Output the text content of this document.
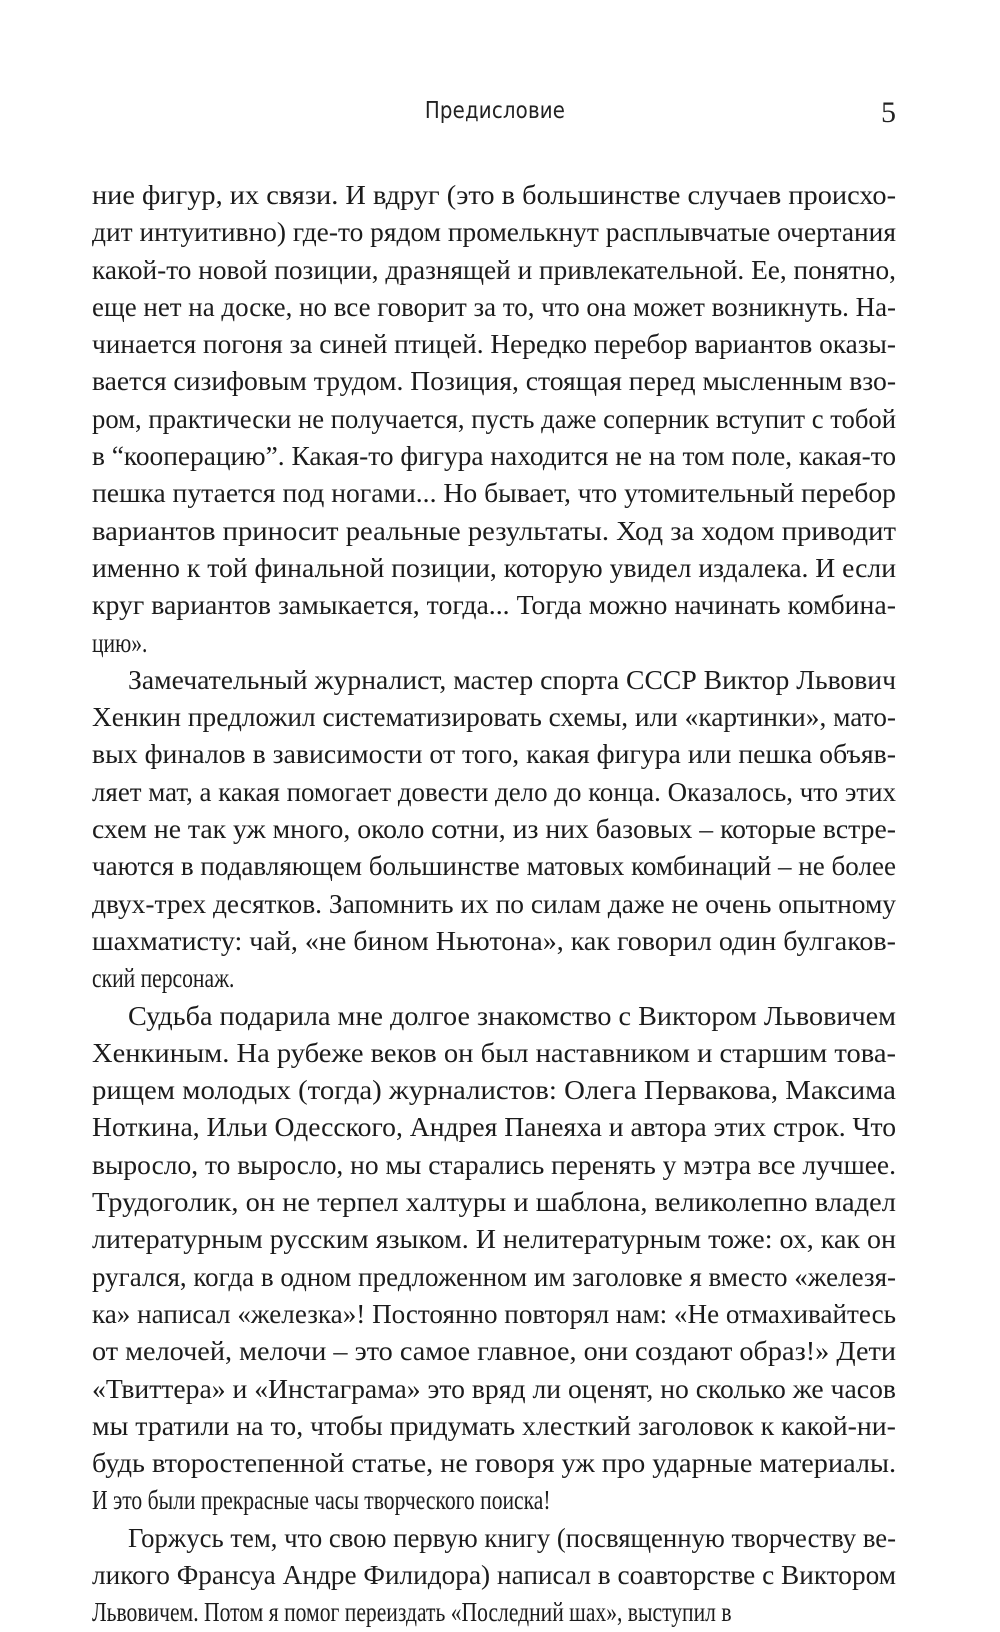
Предисловие	5
ние фигур, их связи. И вдруг (это в большинстве случаев происхо-
дит интуитивно) где-то рядом промелькнут расплывчатые очертания
какой-то новой позиции, дразнящей и привлекательной. Ее, понятно,
еще нет на доске, но все говорит за то, что она может возникнуть. На-
чинается погоня за синей птицей. Нередко перебор вариантов оказы-
вается сизифовым трудом. Позиция, стоящая перед мысленным взо-
ром, практически не получается, пусть даже соперник вступит с тобой
в “кооперацию”. Какая-то фигура находится не на том поле, какая-то
пешка путается под ногами... Но бывает, что утомительный перебор
вариантов приносит реальные результаты. Ход за ходом приводит
именно к той финальной позиции, которую увидел издалека. И если
круг вариантов замыкается, тогда... Тогда можно начинать комбина-
цию».
Замечательный журналист, мастер спорта СССР Виктор Львович
Хенкин предложил систематизировать схемы, или «картинки», мато-
вых финалов в зависимости от того, какая фигура или пешка объяв-
ляет мат, а какая помогает довести дело до конца. Оказалось, что этих
схем не так уж много, около сотни, из них базовых – которые встре-
чаются в подавляющем большинстве матовых комбинаций – не более
двух-трех десятков. Запомнить их по силам даже не очень опытному
шахматисту: чай, «не бином Ньютона», как говорил один булгаков-
ский персонаж.
Судьба подарила мне долгое знакомство с Виктором Львовичем
Хенкиным. На рубеже веков он был наставником и старшим това-
рищем молодых (тогда) журналистов: Олега Первакова, Максима
Ноткина, Ильи Одесского, Андрея Панеяха и автора этих строк. Что
выросло, то выросло, но мы старались перенять у мэтра все лучшее.
Трудоголик, он не терпел халтуры и шаблона, великолепно владел
литературным русским языком. И нелитературным тоже: ох, как он
ругался, когда в одном предложенном им заголовке я вместо «железя-
ка» написал «железка»! Постоянно повторял нам: «Не отмахивайтесь
от мелочей, мелочи – это самое главное, они создают образ!» Дети
«Твиттера» и «Инстаграма» это вряд ли оценят, но сколько же часов
мы тратили на то, чтобы придумать хлесткий заголовок к какой-ни-
будь второстепенной статье, не говоря уж про ударные материалы.
И это были прекрасные часы творческого поиска!
Горжусь тем, что свою первую книгу (посвященную творчеству ве-
ликого Франсуа Андре Филидора) написал в соавторстве с Виктором
Львовичем. Потом я помог переиздать «Последний шах», выступил в
